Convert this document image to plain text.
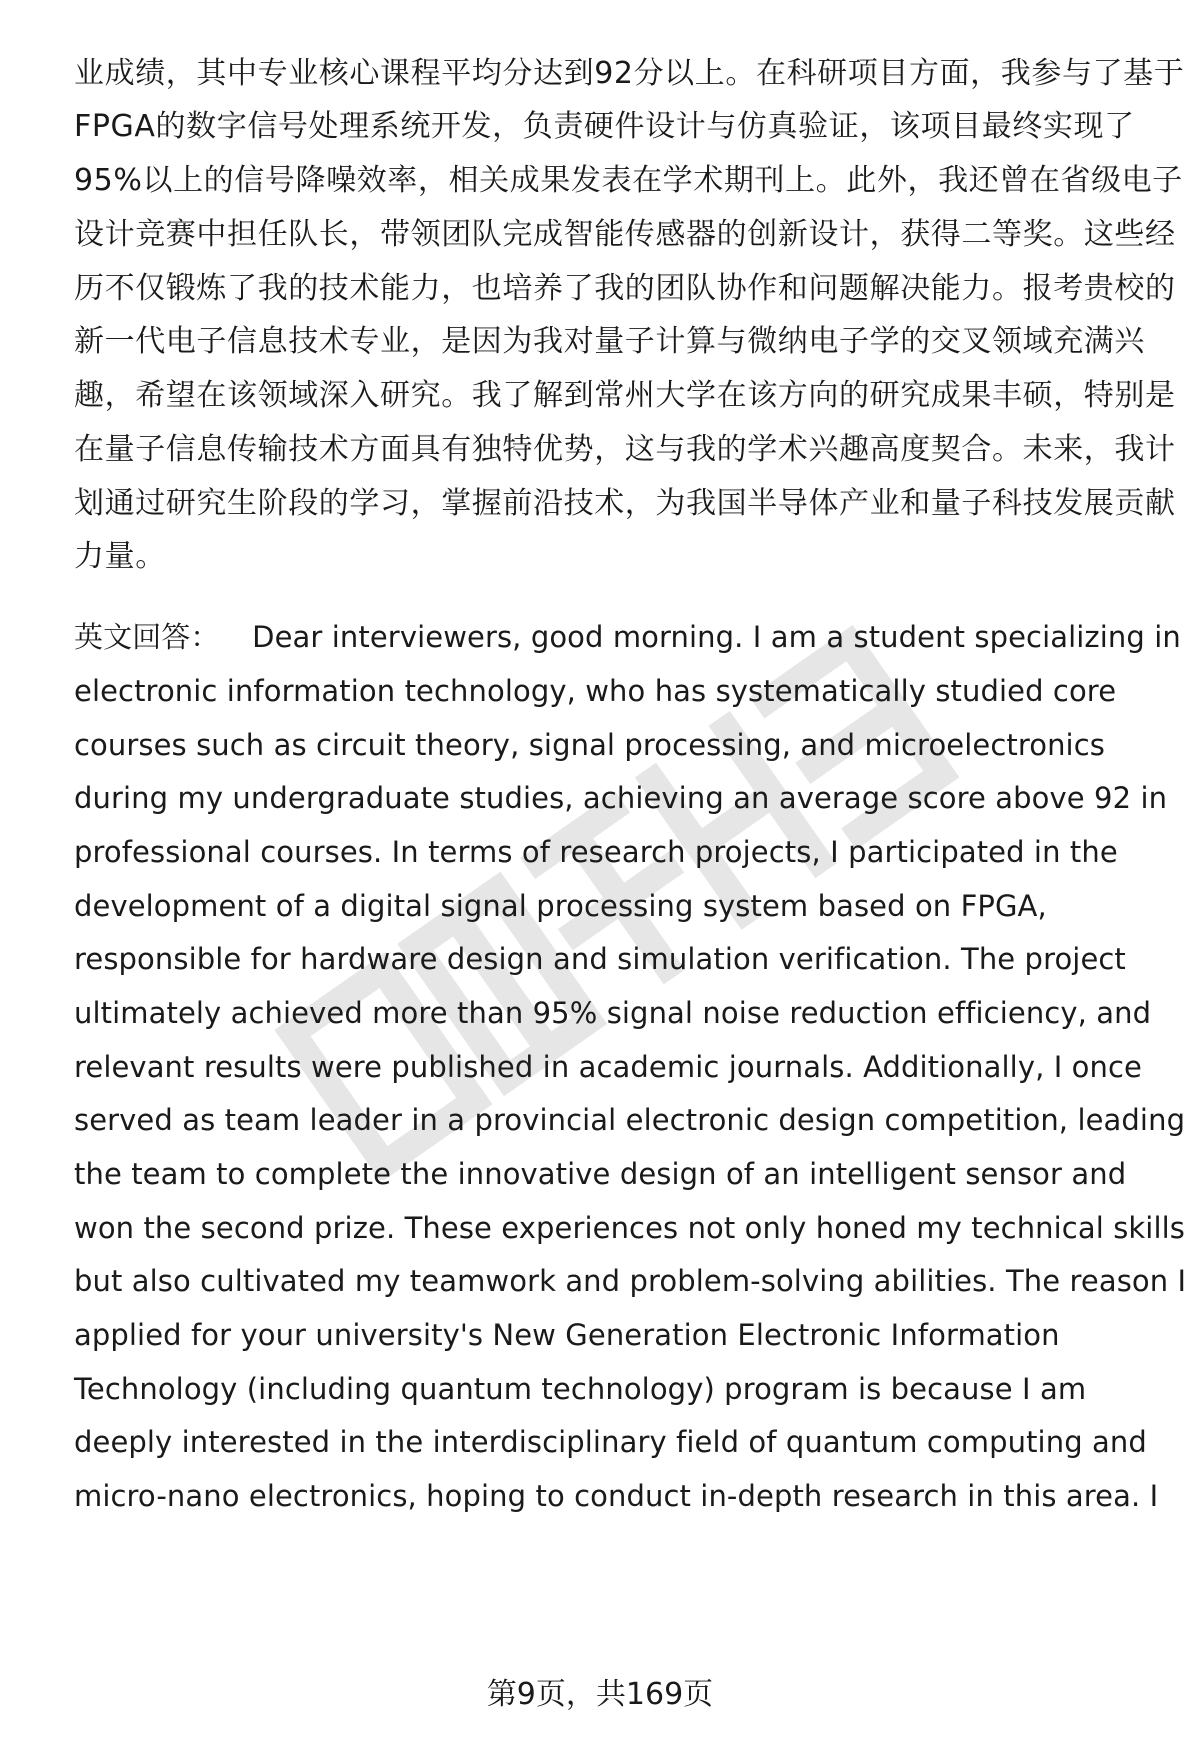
业成绩，其中专业核心课程平均分达到92分以上。在科研项目方面，我参与了基于
FPGA的数字信号处理系统开发，负责硬件设计与仿真验证，该项目最终实现了
95%以上的信号降噪效率，相关成果发表在学术期刊上。此外，我还曾在省级电子
设计竞赛中担任队长，带领团队完成智能传感器的创新设计，获得二等奖。这些经
历不仅锻炼了我的技术能力，也培养了我的团队协作和问题解决能力。报考贵校的
新一代电子信息技术专业，是因为我对量子计算与微纳电子学的交叉领域充满兴
趣，希望在该领域深入研究。我了解到常州大学在该方向的研究成果丰硕，特别是
在量子信息传输技术方面具有独特优势，这与我的学术兴趣高度契合。未来，我计
划通过研究生阶段的学习，掌握前沿技术，为我国半导体产业和量子科技发展贡献
力量。
英文回答： Dear interviewers, good morning. I am a student specializing in
electronic information technology, who has systematically studied core
courses such as circuit theory, signal processing, and microelectronics
during my undergraduate studies, achieving an average score above 92 in
professional courses. In terms of research projects, I participated in the
development of a digital signal processing system based on FPGA,
responsible for hardware design and simulation verification. The project
ultimately achieved more than 95% signal noise reduction efficiency, and
relevant results were published in academic journals. Additionally, I once
served as team leader in a provincial electronic design competition, leading
the team to complete the innovative design of an intelligent sensor and
won the second prize. These experiences not only honed my technical skills
but also cultivated my teamwork and problem-solving abilities. The reason I
applied for your university's New Generation Electronic Information
Technology (including quantum technology) program is because I am
deeply interested in the interdisciplinary field of quantum computing and
micro-nano electronics, hoping to conduct in-depth research in this area. I
第9页，共169页
